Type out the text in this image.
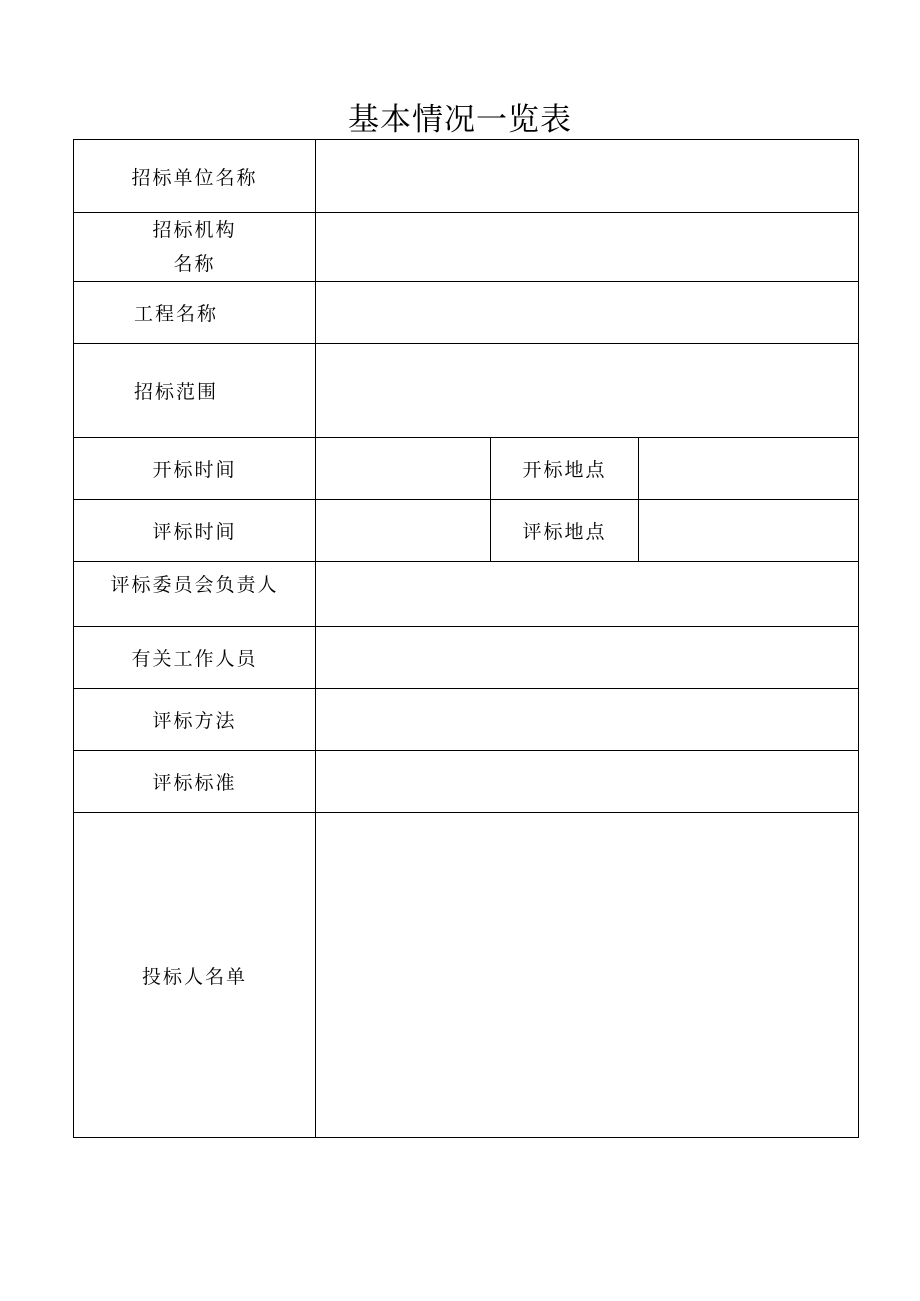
基本情况一览表
招标单位名称			

招标机构
名称			

工程名称			
招标范围			
开标时间		开标地点	
评标时间		评标地点	
评标委员会负责人			
有关工作人员			
评标方法			
评标标准			
投标人名单			
